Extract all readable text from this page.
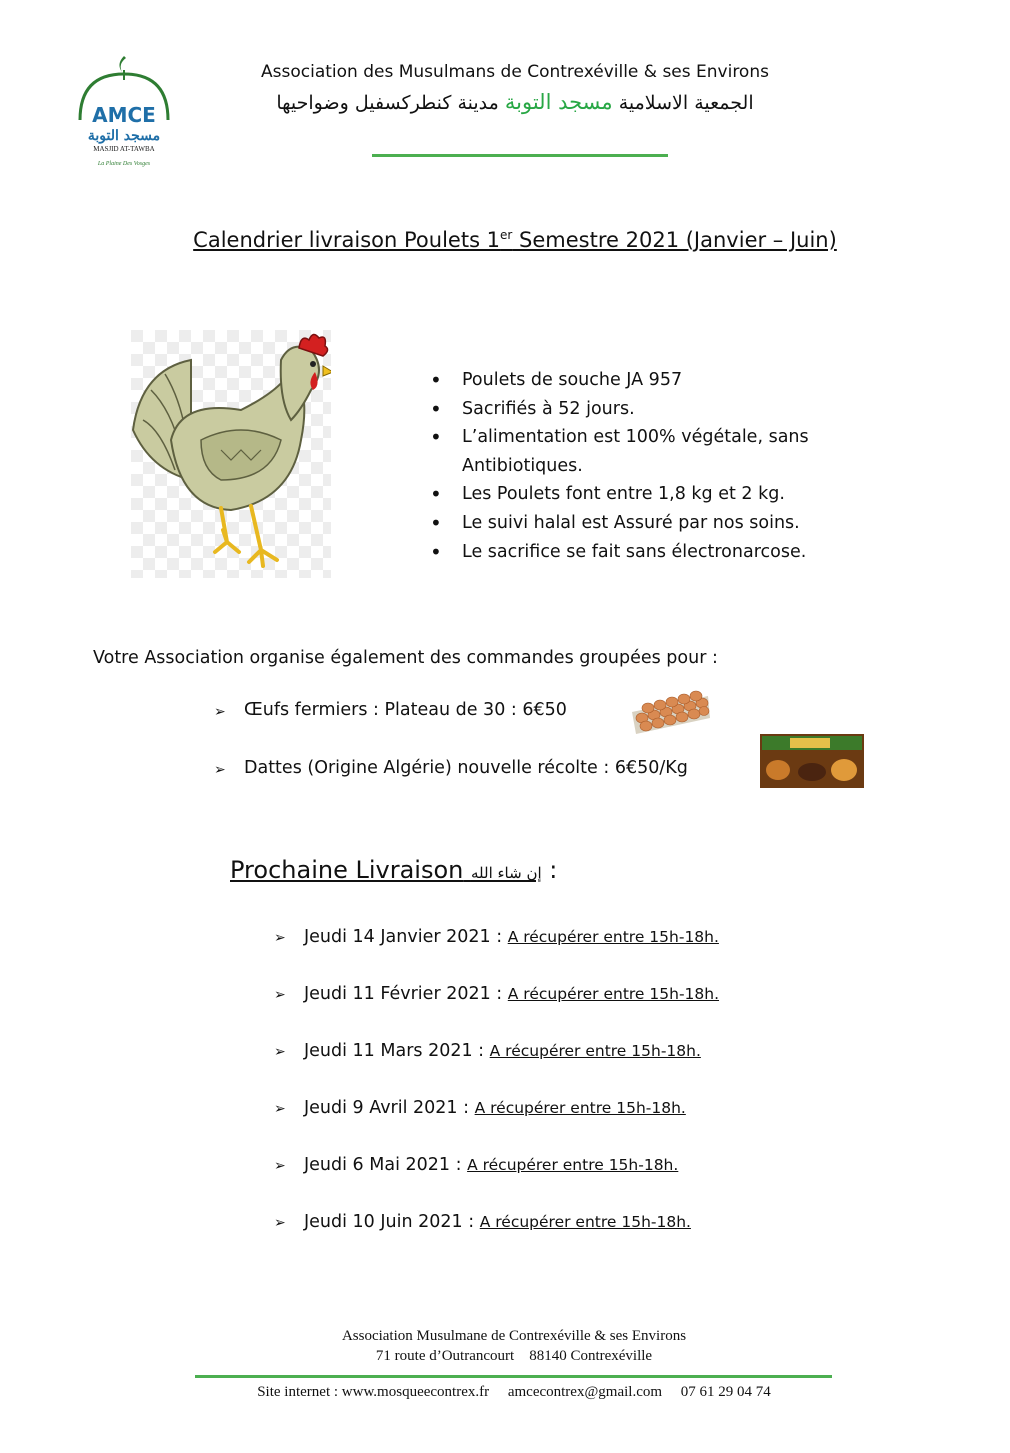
AMCE
مسجد التوبة
MASJID AT-TAWBA
La Plaine Des Vosges
Association des Musulmans de Contrexéville & ses Environs
الجمعية الاسلامية مسجد التوبة مدينة كنطركسفيل وضواحيها
Calendrier livraison Poulets 1er Semestre 2021 (Janvier – Juin)
• Poulets de souche JA 957
• Sacrifiés à 52 jours.
• L’alimentation est 100% végétale, sans Antibiotiques.
• Les Poulets font entre 1,8 kg et 2 kg.
• Le suivi halal est Assuré par nos soins.
• Le sacrifice se fait sans électronarcose.
Votre Association organise également des commandes groupées pour :
➢ Œufs fermiers : Plateau de 30 : 6€50
➢ Dattes (Origine Algérie) nouvelle récolte : 6€50/Kg
Prochaine Livraison إن شاء الله :
➢ Jeudi 14 Janvier 2021 : A récupérer entre 15h-18h.
➢ Jeudi 11 Février 2021 : A récupérer entre 15h-18h.
➢ Jeudi 11 Mars 2021 : A récupérer entre 15h-18h.
➢ Jeudi 9 Avril 2021 : A récupérer entre 15h-18h.
➢ Jeudi 6 Mai 2021 : A récupérer entre 15h-18h.
➢ Jeudi 10 Juin 2021 : A récupérer entre 15h-18h.
Association Musulmane de Contrexéville & ses Environs
71 route d’Outrancourt    88140 Contrexéville
Site internet : www.mosqueecontrex.fr     amcecontrex@gmail.com     07 61 29 04 74
